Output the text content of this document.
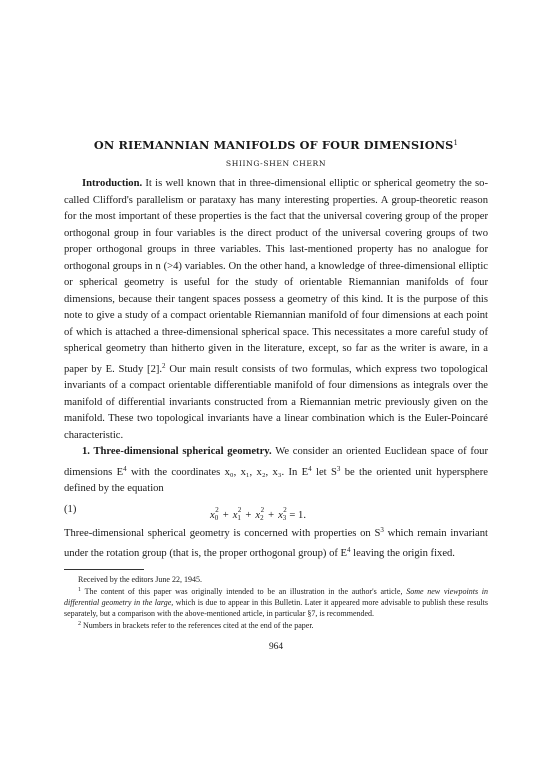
ON RIEMANNIAN MANIFOLDS OF FOUR DIMENSIONS$^1$
SHIING-SHEN CHERN

Introduction. It is well known that in three-dimensional elliptic or spherical geometry the so-called Clifford's parallelism or parataxy has many interesting properties. A group-theoretic reason for the most important of these properties is the fact that the universal covering group of the proper orthogonal group in four variables is the direct product of the universal covering groups of two proper orthogonal groups in three variables. This last-mentioned property has no analogue for orthogonal groups in n (>4) variables. On the other hand, a knowledge of three-dimensional elliptic or spherical geometry is useful for the study of orientable Riemannian manifolds of four dimensions, because their tangent spaces possess a geometry of this kind. It is the purpose of this note to give a study of a compact orientable Riemannian manifold of four dimensions at each point of which is attached a three-dimensional spherical space. This necessitates a more careful study of spherical geometry than hitherto given in the literature, except, so far as the writer is aware, in a paper by E. Study [2].$^2$ Our main result consists of two formulas, which express two topological invariants of a compact orientable differentiable manifold of four dimensions as integrals over the manifold of differential invariants constructed from a Riemannian metric previously given on the manifold. These two topological invariants have a linear combination which is the Euler-Poincaré characteristic.

1. Three-dimensional spherical geometry. We consider an oriented Euclidean space of four dimensions $E^4$ with the coordinates x₀, x₁, x₂, x₃. In $E^4$ let $S^3$ be the oriented unit hypersphere defined by the equation

(1)
$x_0^2 + x_1^2 + x_2^2 + x_3^2 = 1$.

Three-dimensional spherical geometry is concerned with properties on $S^3$ which remain invariant under the rotation group (that is, the proper orthogonal group) of $E^4$ leaving the origin fixed.

Received by the editors June 22, 1945.

$^1$ The content of this paper was originally intended to be an illustration in the author's article, Some new viewpoints in differential geometry in the large, which is due to appear in this Bulletin. Later it appeared more advisable to publish these results separately, but a comparison with the above-mentioned article, in particular §7, is recommended.

$^2$ Numbers in brackets refer to the references cited at the end of the paper.

964
